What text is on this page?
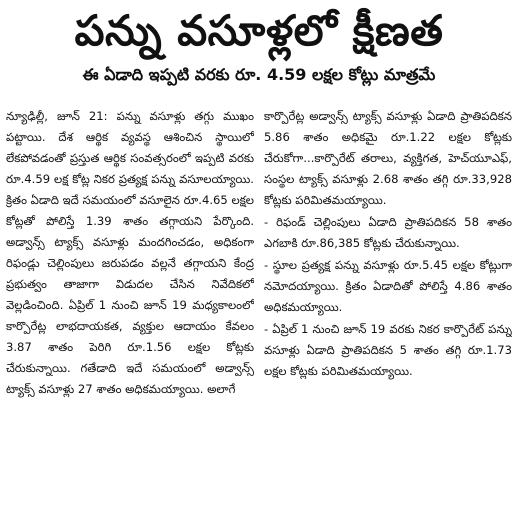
పన్ను వసూళ్లలో క్షీణత
ఈ ఏడాది ఇప్పటి వరకు రూ. 4.59 లక్షల కోట్లు మాత్రమే

న్యూఢిల్లీ, జూన్ 21: పన్ను వసూళ్లు తగ్గు ముఖం పట్టాయి. దేశ ఆర్థిక వ్యవస్థ ఆశించిన స్థాయిలో లేకపోవడంతో ప్రస్తుత ఆర్థిక సంవత్సరంలో ఇప్పటి వరకు రూ.4.59 లక్ష కోట్ల నికర ప్రత్యక్ష పన్ను వసూలయ్యాయి. క్రితం ఏడాది ఇదే సమయంలో వసూలైన రూ.4.65 లక్షల కోట్లతో పోలిస్తే 1.39 శాతం తగ్గాయని పేర్కొంది. అడ్వాన్స్ ట్యాక్స్ వసూళ్లు మందగించడం, అధికంగా రిఫండ్లు చెల్లింపులు జరుపడం వల్లనే తగ్గాయని కేంద్ర ప్రభుత్వం తాజాగా విడుదల చేసిన నివేదికలో వెల్లడించింది. ఏప్రిల్ 1 నుంచి జూన్ 19 మధ్యకాలంలో కార్పొరేట్ల లాభదాయకత, వ్యక్తుల ఆదాయం కేవలం 3.87 శాతం పెరిగి రూ.1.56 లక్షల కోట్లకు చేరుకున్నాయి. గతేడాది ఇదే సమయంలో అడ్వాన్స్ ట్యాక్స్ వసూళ్లు 27 శాతం అధికమయ్యాయి. అలాగే

కార్పొరేట్ల అడ్వాన్స్ ట్యాక్స్ వసూళ్లు ఏడాది ప్రాతిపదికన 5.86 శాతం అధికమై రూ.1.22 లక్షల కోట్లకు చేరుకోగా...కార్పొరేట్ తరాలు, వ్యక్తిగత, హెచ్‌యూఎఫ్, సంస్థల ట్యాక్స్ వసూళ్లు 2.68 శాతం తగ్గి రూ.33,928 కోట్లకు పరిమితమయ్యాయి.

- రిఫండ్ చెల్లింపులు ఏడాది ప్రాతిపదికన 58 శాతం ఎగబాకి రూ.86,385 కోట్లకు చేరుకున్నాయి.

- స్థూల ప్రత్యక్ష పన్ను వసూళ్లు రూ.5.45 లక్షల కోట్లుగా నమోదయ్యాయి. క్రితం ఏడాదితో పోలిస్తే 4.86 శాతం అధికమయ్యాయి.

- ఏప్రిల్ 1 నుంచి జూన్ 19 వరకు నికర కార్పొరేట్ పన్ను వసూళ్లు ఏడాది ప్రాతిపదికన 5 శాతం తగ్గి రూ.1.73 లక్షల కోట్లకు పరిమితమయ్యాయి.
